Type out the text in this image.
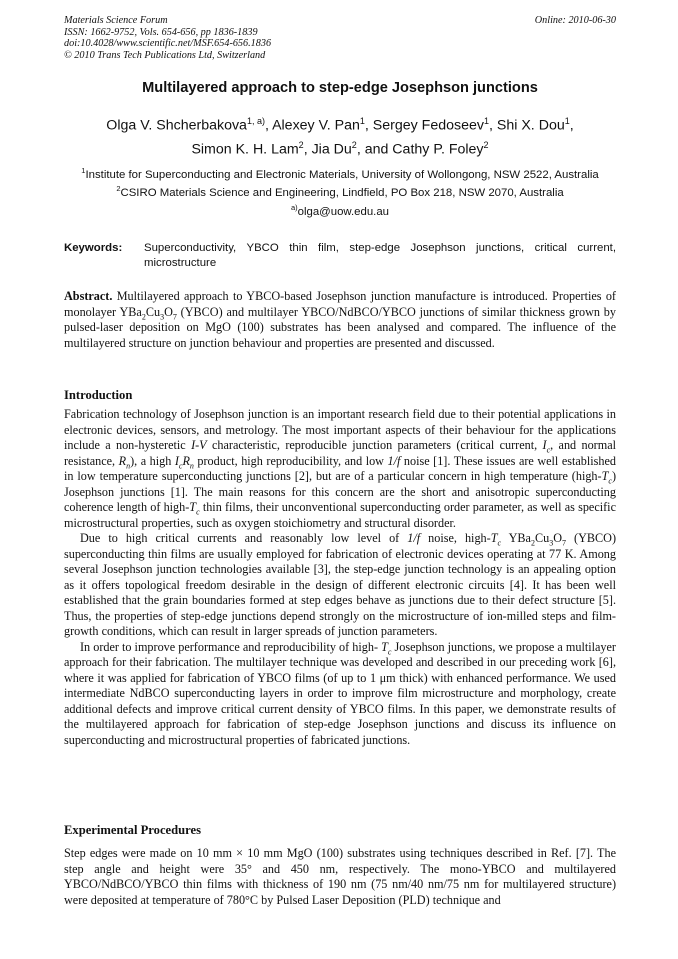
Materials Science Forum
ISSN: 1662-9752, Vols. 654-656, pp 1836-1839
doi:10.4028/www.scientific.net/MSF.654-656.1836
© 2010 Trans Tech Publications Ltd, Switzerland
Online: 2010-06-30
Multilayered approach to step-edge Josephson junctions
Olga V. Shcherbakova$^{1, a)}$, Alexey V. Pan$^1$, Sergey Fedoseev$^1$, Shi X. Dou$^1$,
Simon K. H. Lam$^2$, Jia Du$^2$, and Cathy P. Foley$^2$
$^1$Institute for Superconducting and Electronic Materials, University of Wollongong, NSW 2522, Australia
$^2$CSIRO Materials Science and Engineering, Lindfield, PO Box 218, NSW 2070, Australia
$^{a)}$olga@uow.edu.au
Keywords:	Superconductivity, YBCO thin film, step-edge Josephson junctions, critical current, microstructure
Abstract. Multilayered approach to YBCO-based Josephson junction manufacture is introduced. Properties of monolayer $YBa_2Cu_3O_7$ (YBCO) and multilayer YBCO/NdBCO/YBCO junctions of similar thickness grown by pulsed-laser deposition on MgO (100) substrates has been analysed and compared. The influence of the multilayered structure on junction behaviour and properties are presented and discussed.
Introduction

Fabrication technology of Josephson junction is an important research field due to their potential applications in electronic devices, sensors, and metrology. The most important aspects of their behaviour for the applications include a non-hysteretic I-V characteristic, reproducible junction parameters (critical current, $I_c$, and normal resistance, $R_n$), a high $I_cR_n$ product, high reproducibility, and low 1/f noise [1]. These issues are well established in low temperature superconducting junctions [2], but are of a particular concern in high temperature $(high-T_c)$ Josephson junctions [1]. The main reasons for this concern are the short and anisotropic superconducting coherence length of high-$T_c$ thin films, their unconventional superconducting order parameter, as well as specific microstructural properties, such as oxygen stoichiometry and structural disorder.

Due to high critical currents and reasonably low level of 1/f noise, high-$T_c$ $YBa_2Cu_3O_7$ (YBCO) superconducting thin films are usually employed for fabrication of electronic devices operating at 77 K. Among several Josephson junction technologies available [3], the step-edge junction technology is an appealing option as it offers topological freedom desirable in the design of different electronic circuits [4]. It has been well established that the grain boundaries formed at step edges behave as junctions due to their defect structure [5]. Thus, the properties of step-edge junctions depend strongly on the microstructure of ion-milled steps and film-growth conditions, which can result in larger spreads of junction parameters.

In order to improve performance and reproducibility of high- $T_c$ Josephson junctions, we propose a multilayer approach for their fabrication. The multilayer technique was developed and described in our preceding work [6], where it was applied for fabrication of YBCO films (of up to 1 μm thick) with enhanced performance. We used intermediate NdBCO superconducting layers in order to improve film microstructure and morphology, create additional defects and improve critical current density of YBCO films. In this paper, we demonstrate results of the multilayered approach for fabrication of step-edge Josephson junctions and discuss its influence on superconducting and microstructural properties of fabricated junctions.

Experimental Procedures

Step edges were made on 10 mm × 10 mm MgO (100) substrates using techniques described in Ref. [7]. The step angle and height were 35° and 450 nm, respectively. The mono-YBCO and multilayered YBCO/NdBCO/YBCO thin films with thickness of 190 nm (75 nm/40 nm/75 nm for multilayered structure) were deposited at temperature of 780°C by Pulsed Laser Deposition (PLD) technique and
